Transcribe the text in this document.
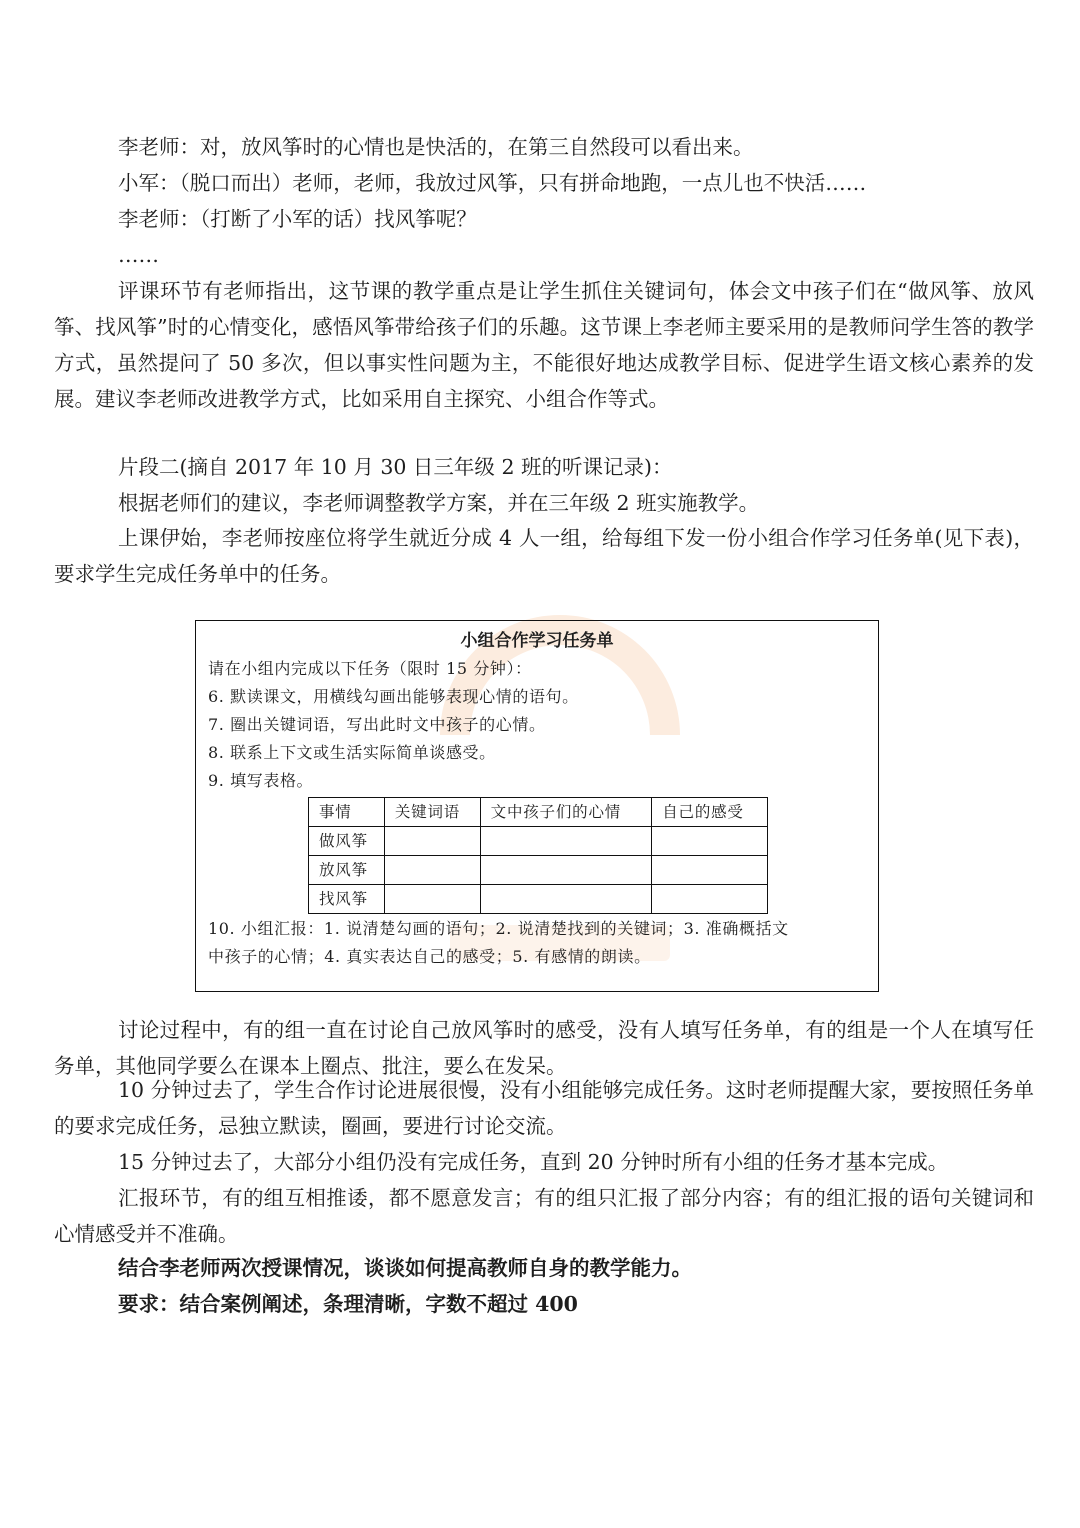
李老师：对，放风筝时的心情也是快活的，在第三自然段可以看出来。

小军：（脱口而出）老师，老师，我放过风筝，只有拼命地跑，一点儿也不快活……

李老师：（打断了小军的话）找风筝呢？

……

评课环节有老师指出，这节课的教学重点是让学生抓住关键词句，体会文中孩子们在“做风筝、放风筝、找风筝”时的心情变化，感悟风筝带给孩子们的乐趣。这节课上李老师主要采用的是教师问学生答的教学方式，虽然提问了 50 多次，但以事实性问题为主，不能很好地达成教学目标、促进学生语文核心素养的发展。建议李老师改进教学方式，比如采用自主探究、小组合作等式。

片段二(摘自 2017 年 10 月 30 日三年级 2 班的听课记录)：

根据老师们的建议，李老师调整教学方案，并在三年级 2 班实施教学。

上课伊始，李老师按座位将学生就近分成 4 人一组，给每组下发一份小组合作学习任务单(见下表)，要求学生完成任务单中的任务。

小组合作学习任务单
请在小组内完成以下任务（限时 15 分钟）：
6. 默读课文，用横线勾画出能够表现心情的语句。
7. 圈出关键词语，写出此时文中孩子的心情。
8. 联系上下文或生活实际简单谈感受。
9. 填写表格。
事情	关键词语	文中孩子们的心情	自己的感受
做风筝			
放风筝			
找风筝			
10. 小组汇报：1. 说清楚勾画的语句；2. 说清楚找到的关键词；3. 准确概括文
中孩子的心情；4. 真实表达自己的感受；5. 有感情的朗读。

讨论过程中，有的组一直在讨论自己放风筝时的感受，没有人填写任务单，有的组是一个人在填写任务单，其他同学要么在课本上圈点、批注，要么在发呆。

10 分钟过去了，学生合作讨论进展很慢，没有小组能够完成任务。这时老师提醒大家，要按照任务单的要求完成任务，忌独立默读，圈画，要进行讨论交流。

15 分钟过去了，大部分小组仍没有完成任务，直到 20 分钟时所有小组的任务才基本完成。

汇报环节，有的组互相推诿，都不愿意发言；有的组只汇报了部分内容；有的组汇报的语句关键词和心情感受并不准确。

结合李老师两次授课情况，谈谈如何提高教师自身的教学能力。

要求：结合案例阐述，条理清晰，字数不超过 400
